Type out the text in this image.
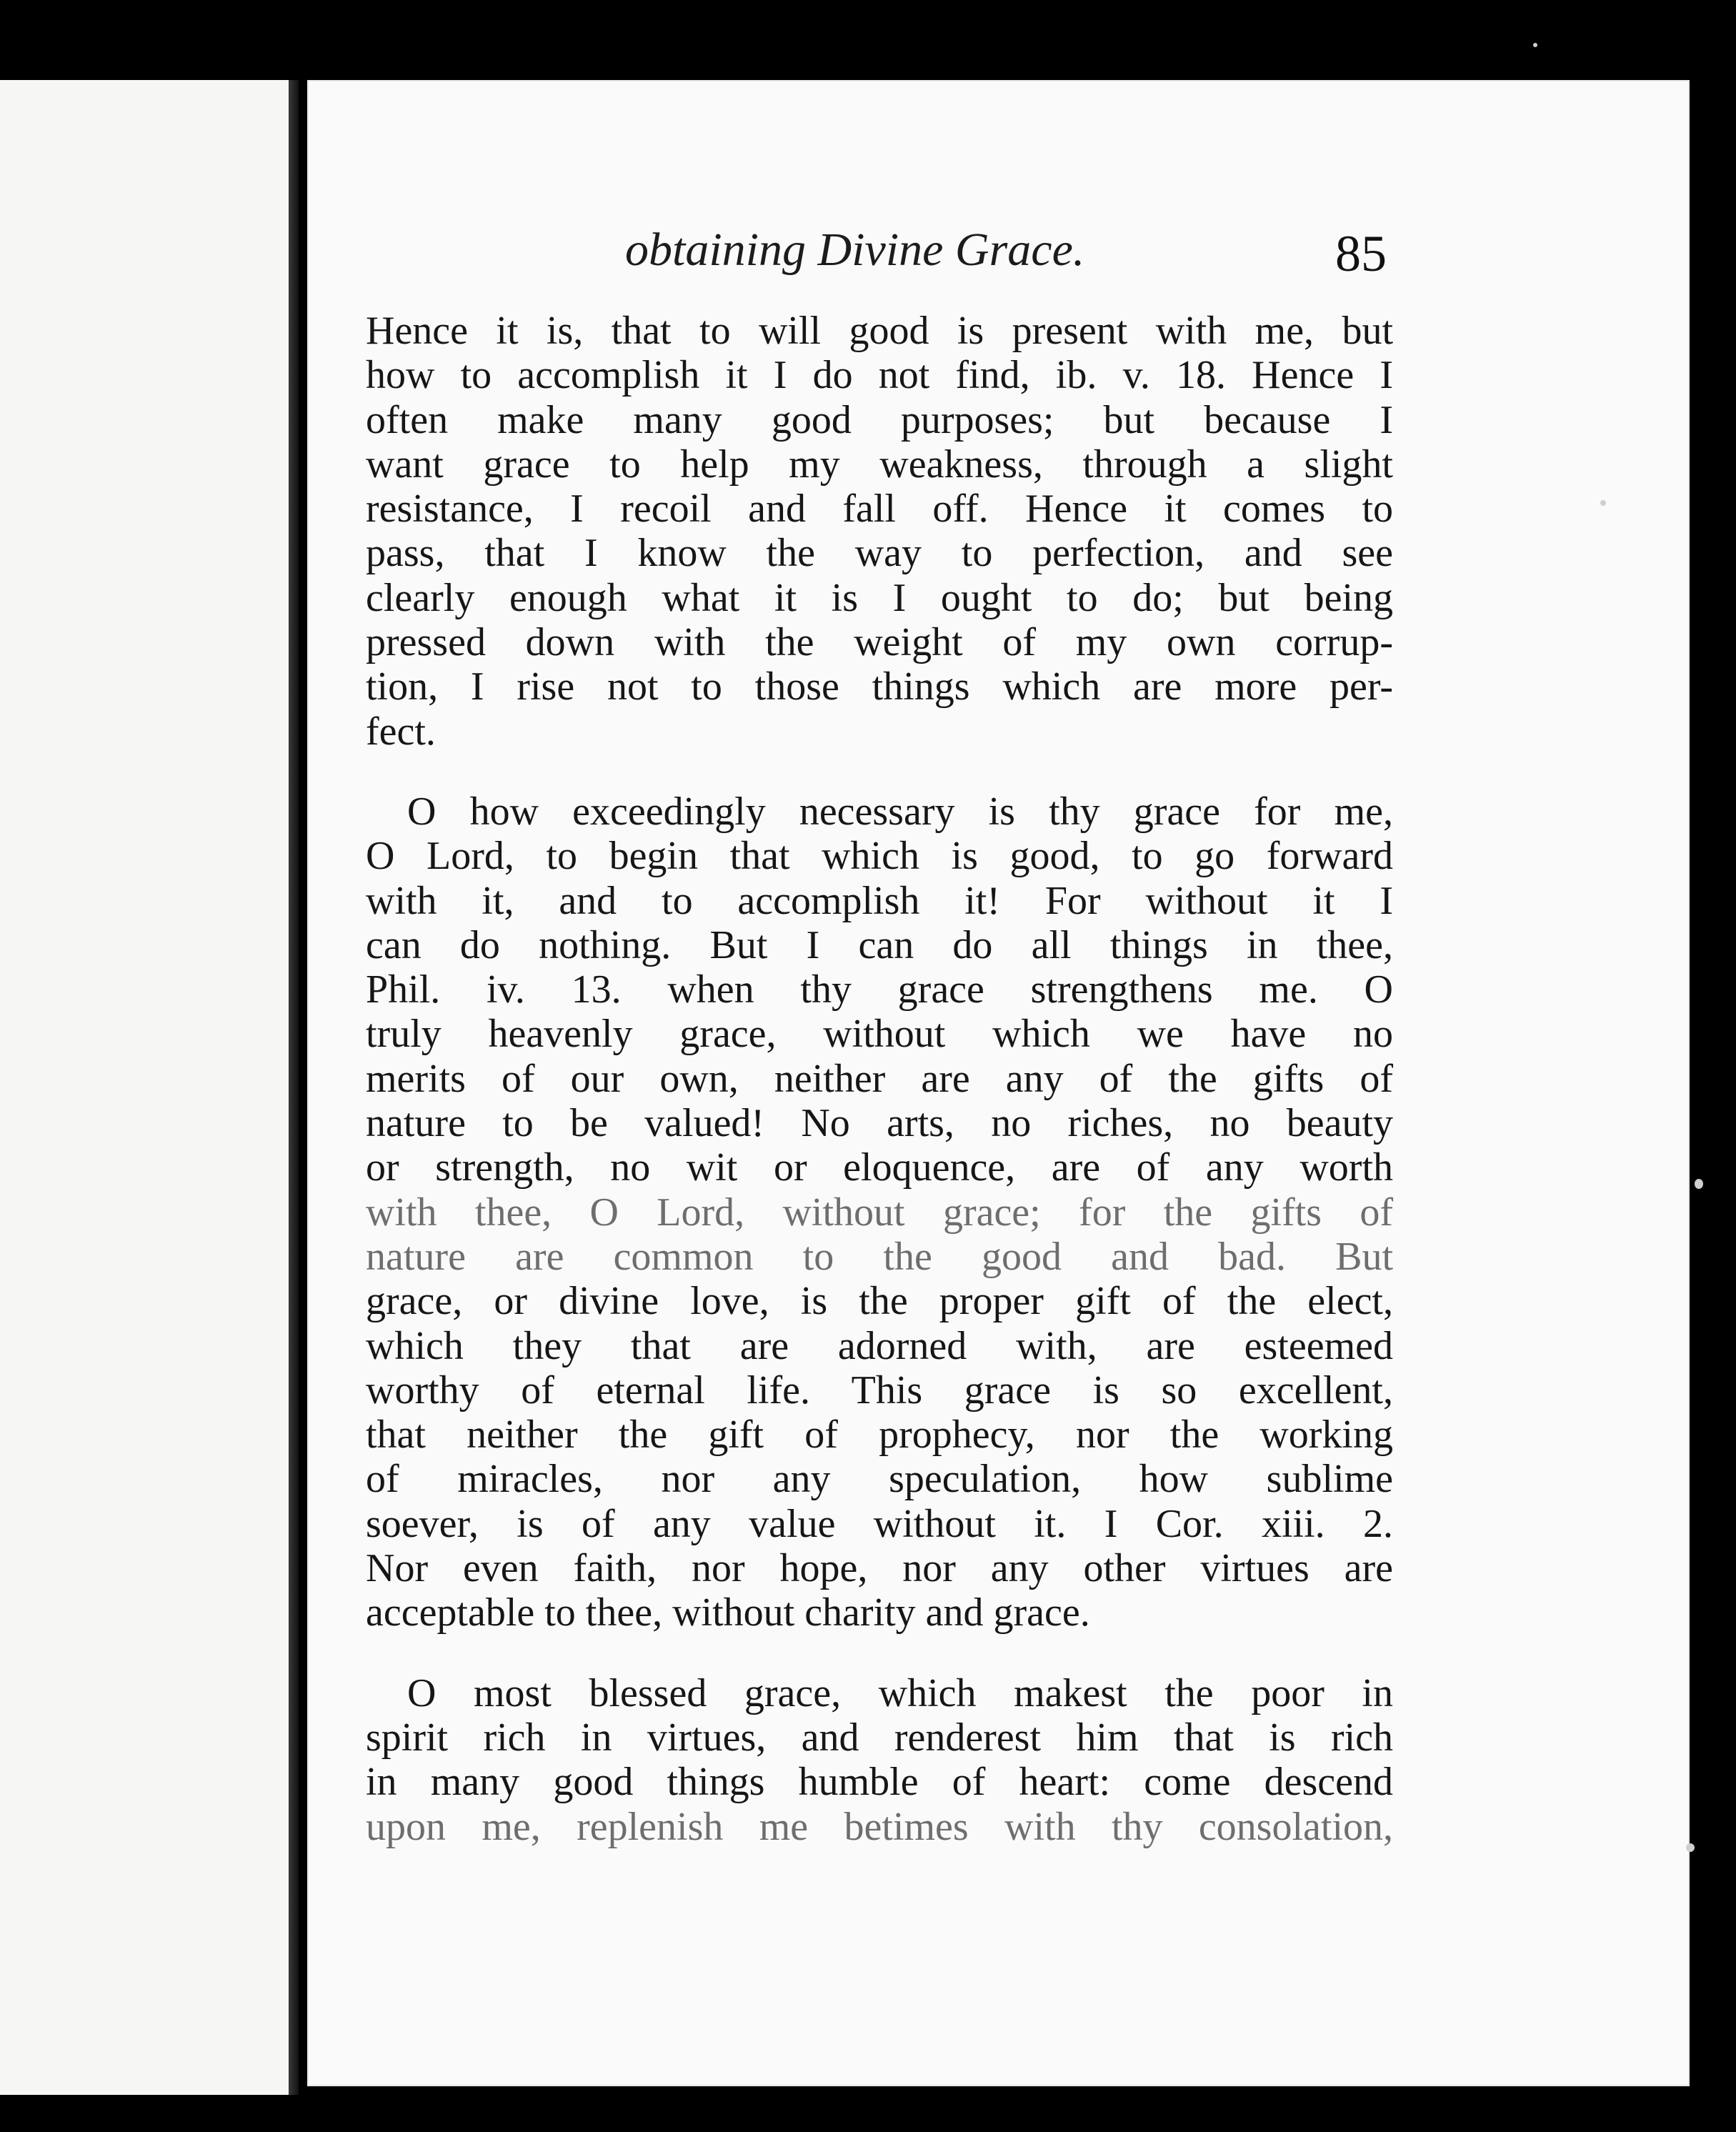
obtaining Divine Grace.	85
Hence it is, that to will good is present with me, but
how to accomplish it I do not find, ib. v. 18. Hence I
often make many good purposes; but because I
want grace to help my weakness, through a slight
resistance, I recoil and fall off. Hence it comes to
pass, that I know the way to perfection, and see
clearly enough what it is I ought to do; but being
pressed down with the weight of my own corrup-
tion, I rise not to those things which are more per-
fect.
O how exceedingly necessary is thy grace for me,
O Lord, to begin that which is good, to go forward
with it, and to accomplish it! For without it I
can do nothing. But I can do all things in thee,
Phil. iv. 13. when thy grace strengthens me. O
truly heavenly grace, without which we have no
merits of our own, neither are any of the gifts of
nature to be valued! No arts, no riches, no beauty
or strength, no wit or eloquence, are of any worth
with thee, O Lord, without grace; for the gifts of
nature are common to the good and bad. But
grace, or divine love, is the proper gift of the elect,
which they that are adorned with, are esteemed
worthy of eternal life. This grace is so excellent,
that neither the gift of prophecy, nor the working
of miracles, nor any speculation, how sublime
soever, is of any value without it. I Cor. xiii. 2.
Nor even faith, nor hope, nor any other virtues are
acceptable to thee, without charity and grace.
O most blessed grace, which makest the poor in
spirit rich in virtues, and renderest him that is rich
in many good things humble of heart: come descend
upon me, replenish me betimes with thy consolation,
